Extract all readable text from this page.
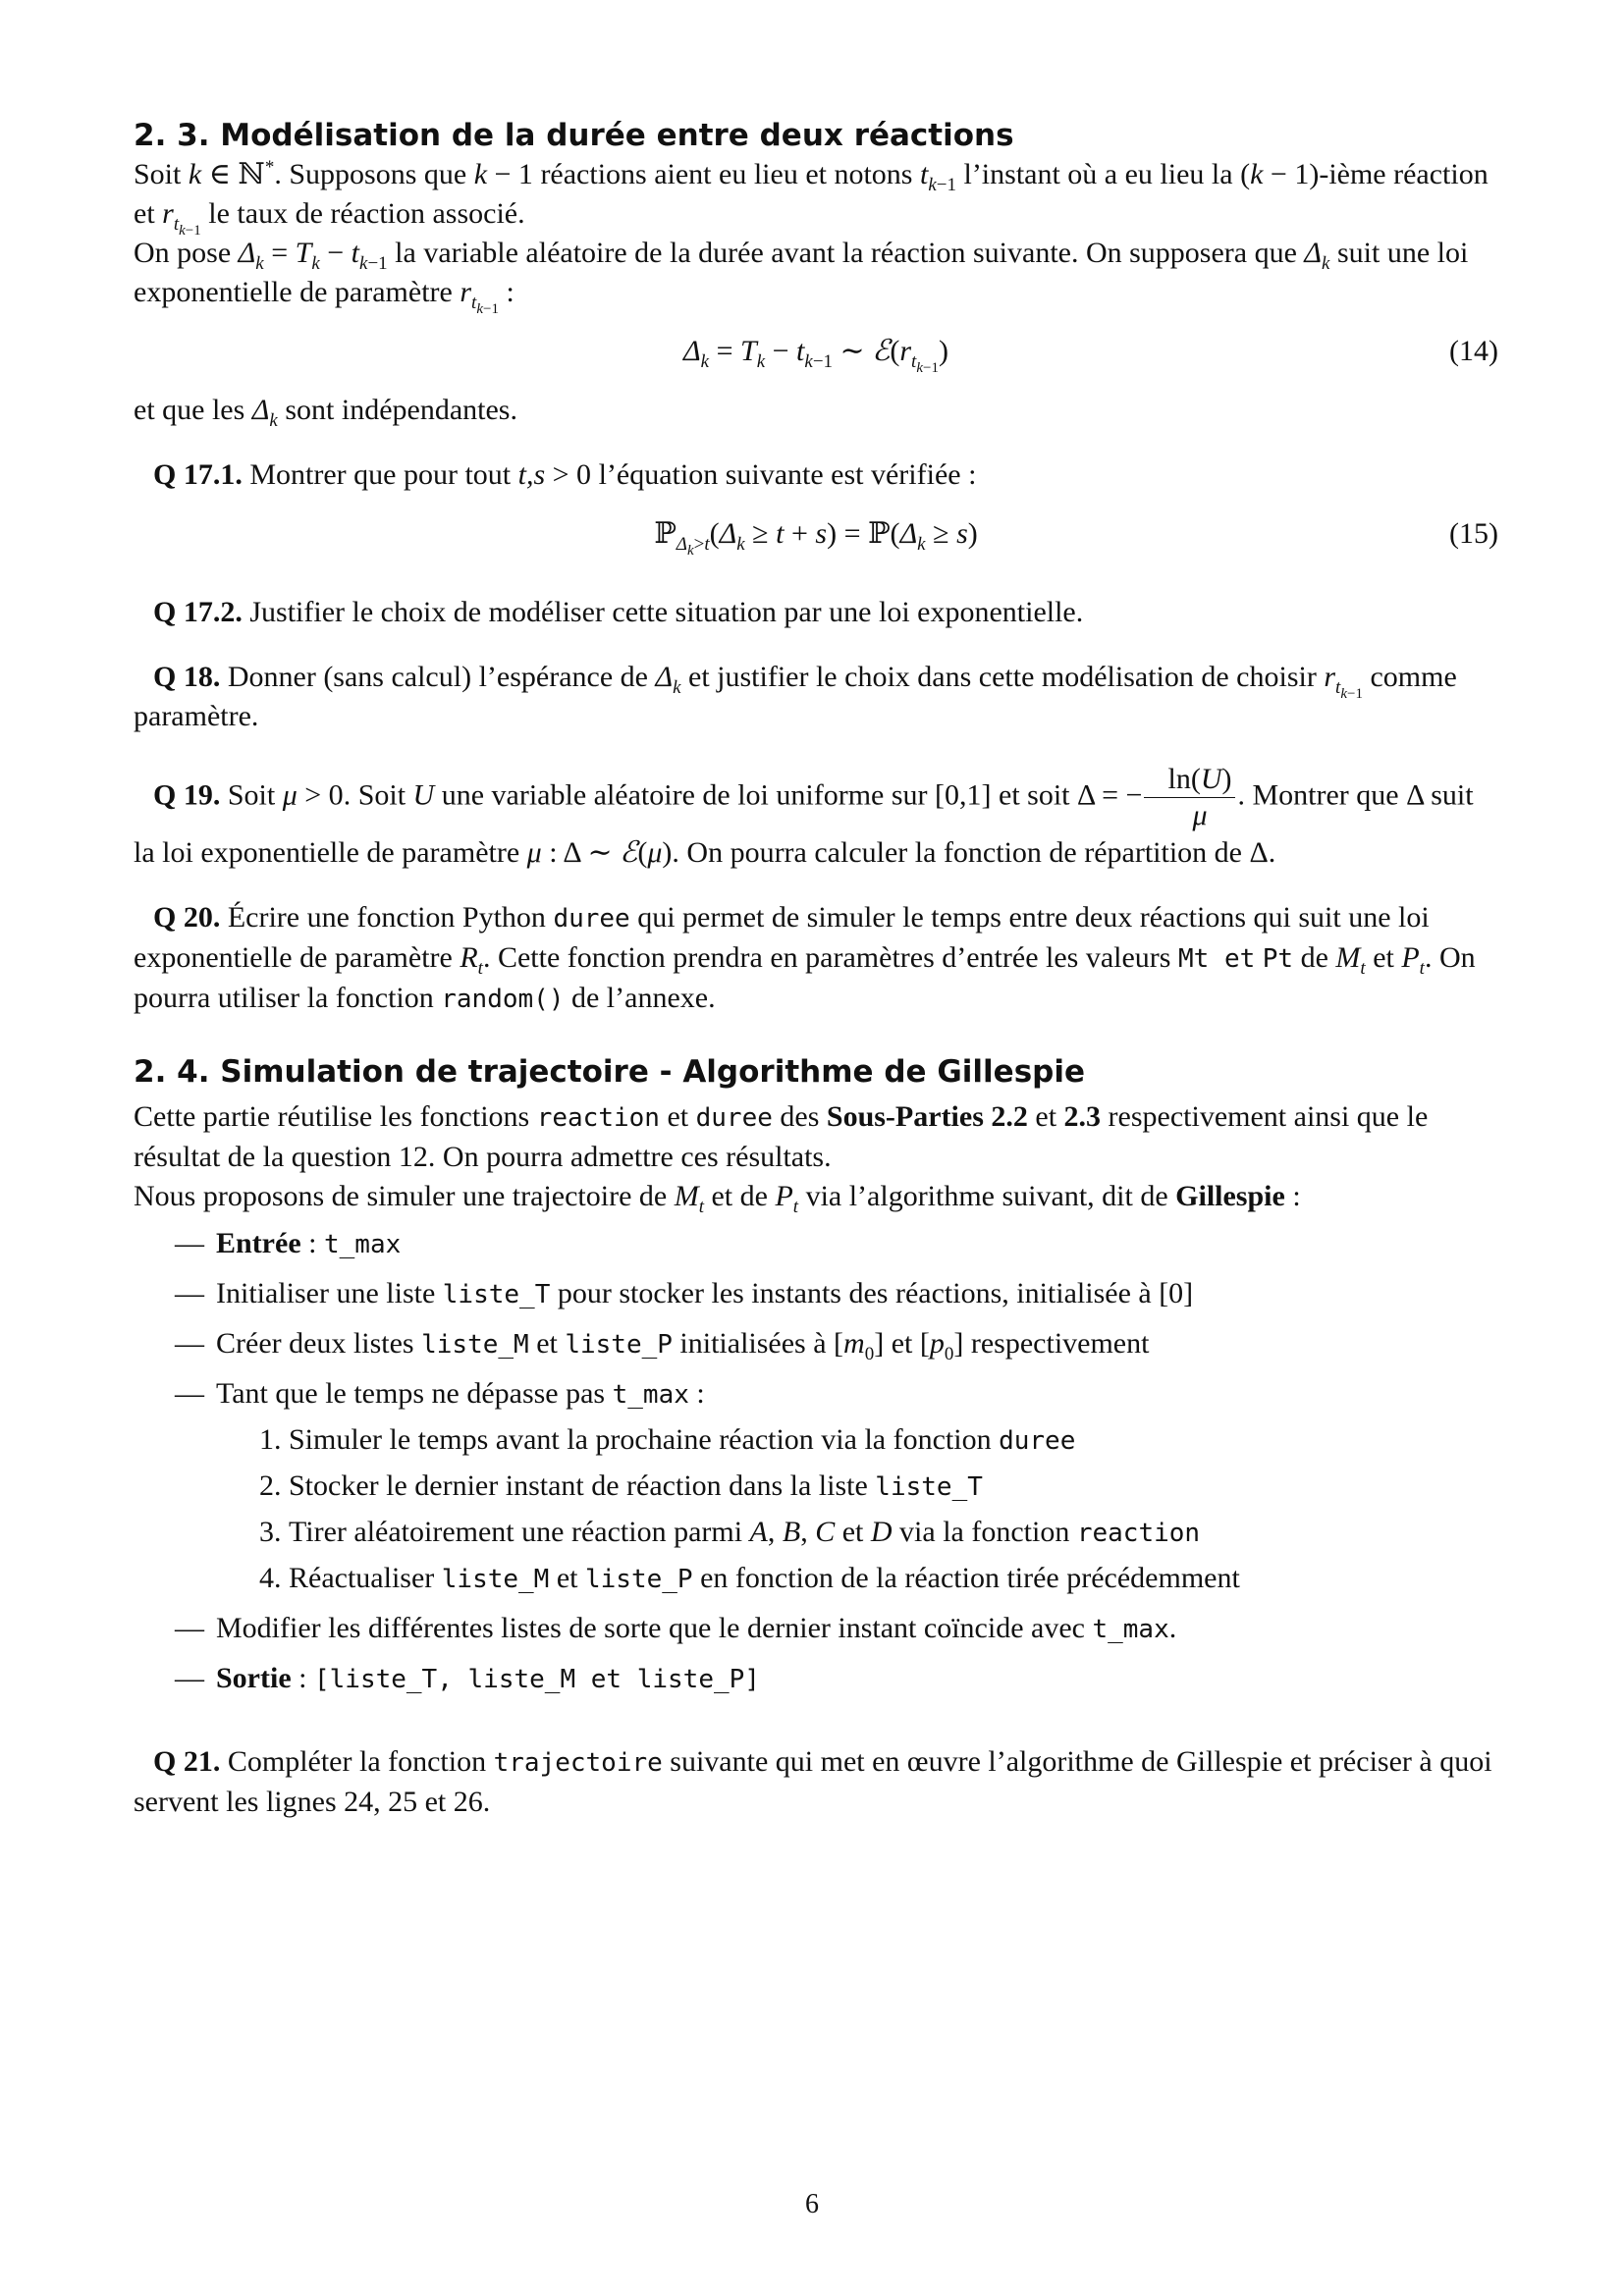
2. 3. Modélisation de la durée entre deux réactions

Soit k ∈ ℕ*. Supposons que k − 1 réactions aient eu lieu et notons $t_{k-1}$ l’instant où a eu lieu la (k − 1)-ième réaction et $r_{t_{k-1}}$ le taux de réaction associé.

On pose $\Delta_k = T_k - t_{k-1}$ la variable aléatoire de la durée avant la réaction suivante. On supposera que $\Delta_k$ suit une loi exponentielle de paramètre $r_{t_{k-1}}$ :

$\Delta_k = T_k - t_{k-1}$ ∼ $ℰ(r_{t_{k-1}})$	(14)

et que les $\Delta_k$ sont indépendantes.

Q 17.1. Montrer que pour tout t,s > 0 l’équation suivante est vérifiée :

$ℙ_{\Delta_k>t}(\Delta_k \ge t + s)$ = $ℙ(\Delta_k \ge s)$	(15)

Q 17.2. Justifier le choix de modéliser cette situation par une loi exponentielle.

Q 18. Donner (sans calcul) l’espérance de $\Delta_k$ et justifier le choix dans cette modélisation de choisir $r_{t_{k-1}}$ comme paramètre.

Q 19. Soit μ > 0. Soit U une variable aléatoire de loi uniforme sur [0,1] et soit Δ = − $\frac{\ln(U)}{\mu}$ . Montrer que Δ suit la loi exponentielle de paramètre μ : Δ ∼ ℰ(μ). On pourra calculer la fonction de répartition de Δ.

Q 20. Écrire une fonction Python duree qui permet de simuler le temps entre deux réactions qui suit une loi exponentielle de paramètre $R_t$. Cette fonction prendra en paramètres d’entrée les valeurs Mt et Pt de $M_t$ et $P_t$. On pourra utiliser la fonction random() de l’annexe.

2. 4. Simulation de trajectoire - Algorithme de Gillespie

Cette partie réutilise les fonctions reaction et duree des Sous-Parties 2.2 et 2.3 respectivement ainsi que le résultat de la question 12. On pourra admettre ces résultats.

Nous proposons de simuler une trajectoire de $M_t$ et de $P_t$ via l’algorithme suivant, dit de Gillespie :

— Entrée : t_max
— Initialiser une liste liste_T pour stocker les instants des réactions, initialisée à [0]
— Créer deux listes liste_M et liste_P initialisées à $[m_0]$ et $[p_0]$ respectivement
— Tant que le temps ne dépasse pas t_max :
1. Simuler le temps avant la prochaine réaction via la fonction duree
2. Stocker le dernier instant de réaction dans la liste liste_T
3. Tirer aléatoirement une réaction parmi A, B, C et D via la fonction reaction
4. Réactualiser liste_M et liste_P en fonction de la réaction tirée précédemment
— Modifier les différentes listes de sorte que le dernier instant coïncide avec t_max.
— Sortie : [liste_T, liste_M et liste_P]

Q 21. Compléter la fonction trajectoire suivante qui met en œuvre l’algorithme de Gillespie et préciser à quoi servent les lignes 24, 25 et 26.

6
